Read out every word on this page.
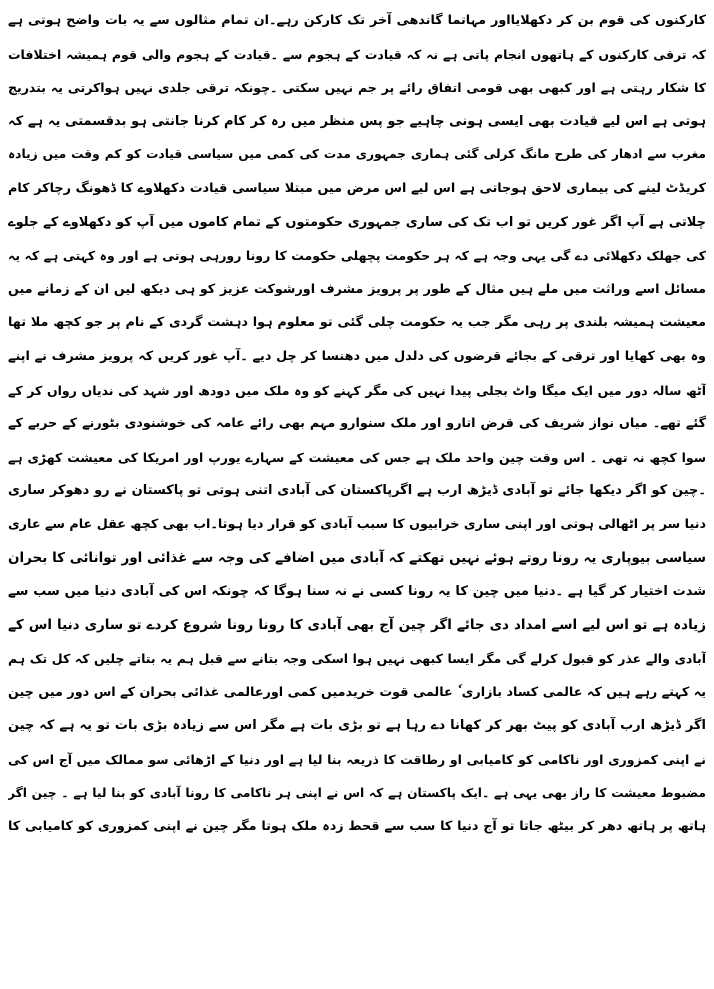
کارکنوں کی قوم بن کر دکھلایااور مہاتما گاندھی آخر تک کارکن رہے۔ان تمام مثالوں سے یہ بات واضح ہوتی ہے
کہ ترقی کارکنوں کے ہاتھوں انجام پاتی ہے نہ کہ قیادت کے ہجوم سے ۔قیادت کے ہجوم والی قوم ہمیشہ اختلافات
کا شکار رہتی ہے اور کبھی بھی قومی اتفاق رائے پر جم نہیں سکتی ۔چونکہ ترقی جلدی نہیں ہواکرتی یہ بتدریج
ہوتی ہے اس لیے قیادت بھی ایسی ہونی چاہیے جو پس منظر میں رہ کر کام کرنا جانتی ہو بدقسمتی یہ ہے کہ
مغرب سے ادھار کی طرح مانگ کرلی گئی ہماری جمہوری مدت کی کمی میں سیاسی قیادت کو کم وقت میں زیادہ
کریڈٹ لینے کی بیماری لاحق ہوجاتی ہے اس لیے اس مرض میں مبتلا سیاسی قیادت دکھلاوے کا ڈھونگ رچاکر کام
چلاتی ہے آپ اگر غور کریں تو اب تک کی ساری جمہوری حکومتوں کے تمام کاموں میں آپ کو دکھلاوے کے جلوے
کی جھلک دکھلائی دے گی یہی وجہ ہے کہ ہر حکومت پچھلی حکومت کا رونا رورہی ہوتی ہے اور وہ کہتی ہے کہ یہ
مسائل اسے وراثت میں ملے ہیں مثال کے طور پر پرویز مشرف اورشوکت عزیز کو ہی دیکھ لیں ان کے زمانے میں
معیشت ہمیشہ بلندی پر رہی مگر جب یہ حکومت چلی گئی تو معلوم ہوا دہشت گردی کے نام پر جو کچھ ملا تھا
وہ بھی کھایا اور ترقی کے بجائے قرضوں کی دلدل میں دھنسا کر چل دیے ۔آپ غور کریں کہ پرویز مشرف نے اپنے
آٹھ سالہ دور میں ایک میگا واٹ بجلی پیدا نہیں کی مگر کہنے کو وہ ملک میں دودھ اور شہد کی ندیاں رواں کر کے
گئے تھے۔ میاں نواز شریف کی قرض اتارو اور ملک سنوارو مہم بھی رائے عامہ کی خوشنودی بٹورنے کے حربے کے
سوا کچھ نہ تھی ۔ اس وقت چین واحد ملک ہے جس کی معیشت کے سہارے یورپ اور امریکا کی معیشت کھڑی ہے
۔چین کو اگر دیکھا جائے تو آبادی ڈیڑھ ارب ہے اگرپاکستان کی آبادی اتنی ہوتی تو پاکستان نے رو دھوکر ساری
دنیا سر پر اٹھالی ہوتی اور اپنی ساری خرابیوں کا سبب آبادی کو قرار دیا ہوتا۔اب بھی کچھ عقل عام سے عاری
سیاسی بیوپاری یہ رونا روتے ہوئے نہیں تھکتے کہ آبادی میں اضافے کی وجہ سے غذائی اور توانائی کا بحران
شدت اختیار کر گیا ہے ۔دنیا میں چین کا یہ رونا کسی نے نہ سنا ہوگا کہ چونکہ اس کی آبادی دنیا میں سب سے
زیادہ ہے تو اس لیے اسے امداد دی جائے اگر چین آج بھی آبادی کا رونا رونا شروع کردے تو ساری دنیا اس کے
آبادی والے عذر کو قبول کرلے گی مگر ایسا کبھی نہیں ہوا اسکی وجہ بتانے سے قبل ہم یہ بتاتے چلیں کہ کل تک ہم
یہ کہتے رہے ہیں کہ عالمی کساد بازاری ٗ عالمی قوت خریدمیں کمی اورعالمی غذائی بحران کے اس دور میں چین
اگر ڈیڑھ ارب آبادی کو پیٹ بھر کر کھانا دے رہا ہے تو بڑی بات ہے مگر اس سے زیادہ بڑی بات تو یہ ہے کہ چین
نے اپنی کمزوری اور ناکامی کو کامیابی او رطاقت کا ذریعہ بنا لیا ہے اور دنیا کے اڑھائی سو ممالک میں آج اس کی
مضبوط معیشت کا راز بھی یہی ہے ۔ایک پاکستان ہے کہ اس نے اپنی ہر ناکامی کا رونا آبادی کو بنا لیا ہے ۔ چین اگر
ہاتھ پر ہاتھ دھر کر بیٹھ جاتا تو آج دنیا کا سب سے قحط زدہ ملک ہوتا مگر چین نے اپنی کمزوری کو کامیابی کا
